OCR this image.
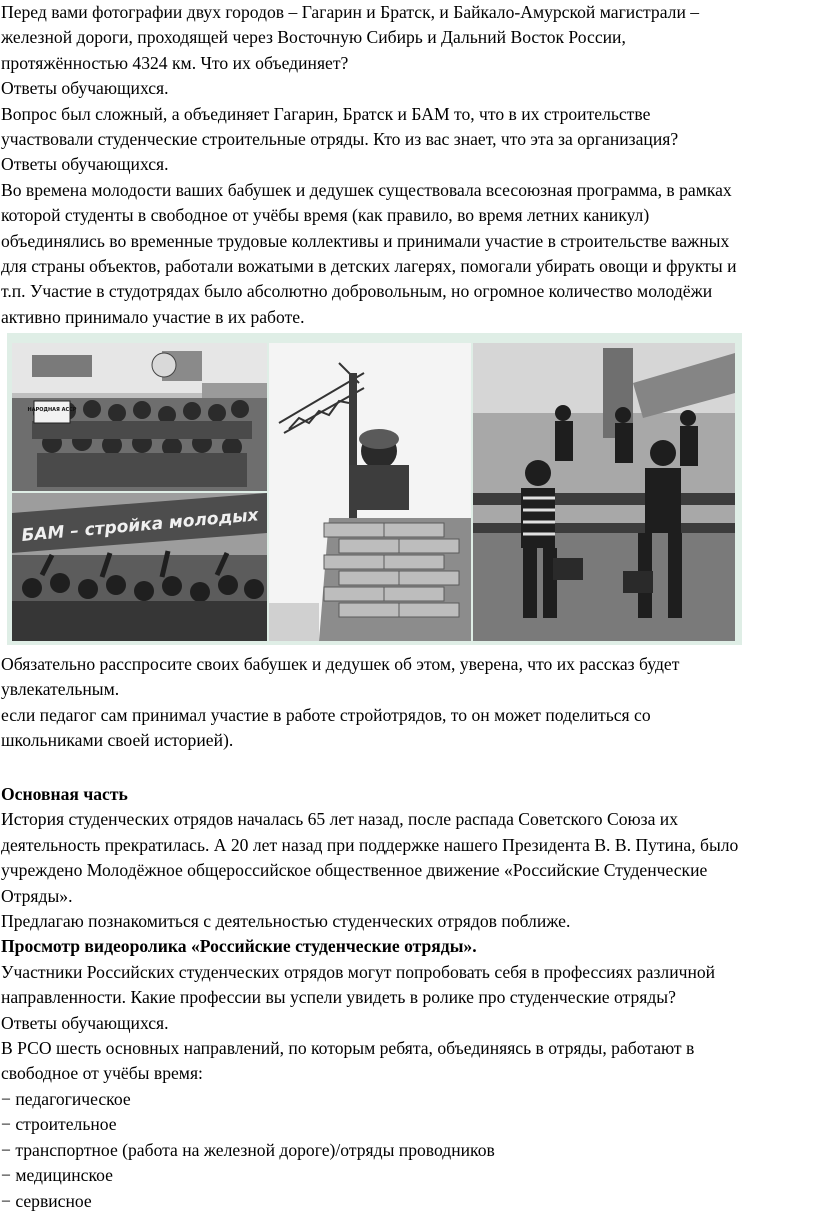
Перед вами фотографии двух городов – Гагарин и Братск, и Байкало-Амурской магистрали –

железной дороги, проходящей через Восточную Сибирь и Дальний Восток России,

протяжённостью 4324 км. Что их объединяет?

Ответы обучающихся.

Вопрос был сложный, а объединяет Гагарин, Братск и БАМ то, что в их строительстве

участвовали студенческие строительные отряды. Кто из вас знает, что эта за организация?

Ответы обучающихся.

Во времена молодости ваших бабушек и дедушек существовала всесоюзная программа, в рамках

которой студенты в свободное от учёбы время (как правило, во время летних каникул)

объединялись во временные трудовые коллективы и принимали участие в строительстве важных

для страны объектов, работали вожатыми в детских лагерях, помогали убирать овощи и фрукты и

т.п. Участие в студотрядах было абсолютно добровольным, но огромное количество молодёжи

активно принимало участие в их работе.

НАРОДНАЯ АССР
БАМ – стройка молодых

Обязательно расспросите своих бабушек и дедушек об этом, уверена, что их рассказ будет

увлекательным.

если педагог сам принимал участие в работе стройотрядов, то он может поделиться со

школьниками своей историей).

Основная часть

История студенческих отрядов началась 65 лет назад, после распада Советского Союза их

деятельность прекратилась. А 20 лет назад при поддержке нашего Президента В. В. Путина, было

учреждено Молодёжное общероссийское общественное движение «Российские Студенческие

Отряды».

Предлагаю познакомиться с деятельностью студенческих отрядов поближе.

Просмотр видеоролика «Российские студенческие отряды».

Участники Российских студенческих отрядов могут попробовать себя в профессиях различной

направленности. Какие профессии вы успели увидеть в ролике про студенческие отряды?

Ответы обучающихся.

В РСО шесть основных направлений, по которым ребята, объединяясь в отряды, работают в

свободное от учёбы время:

− педагогическое

− строительное

− транспортное (работа на железной дороге)/отряды проводников

− медицинское

− сервисное
